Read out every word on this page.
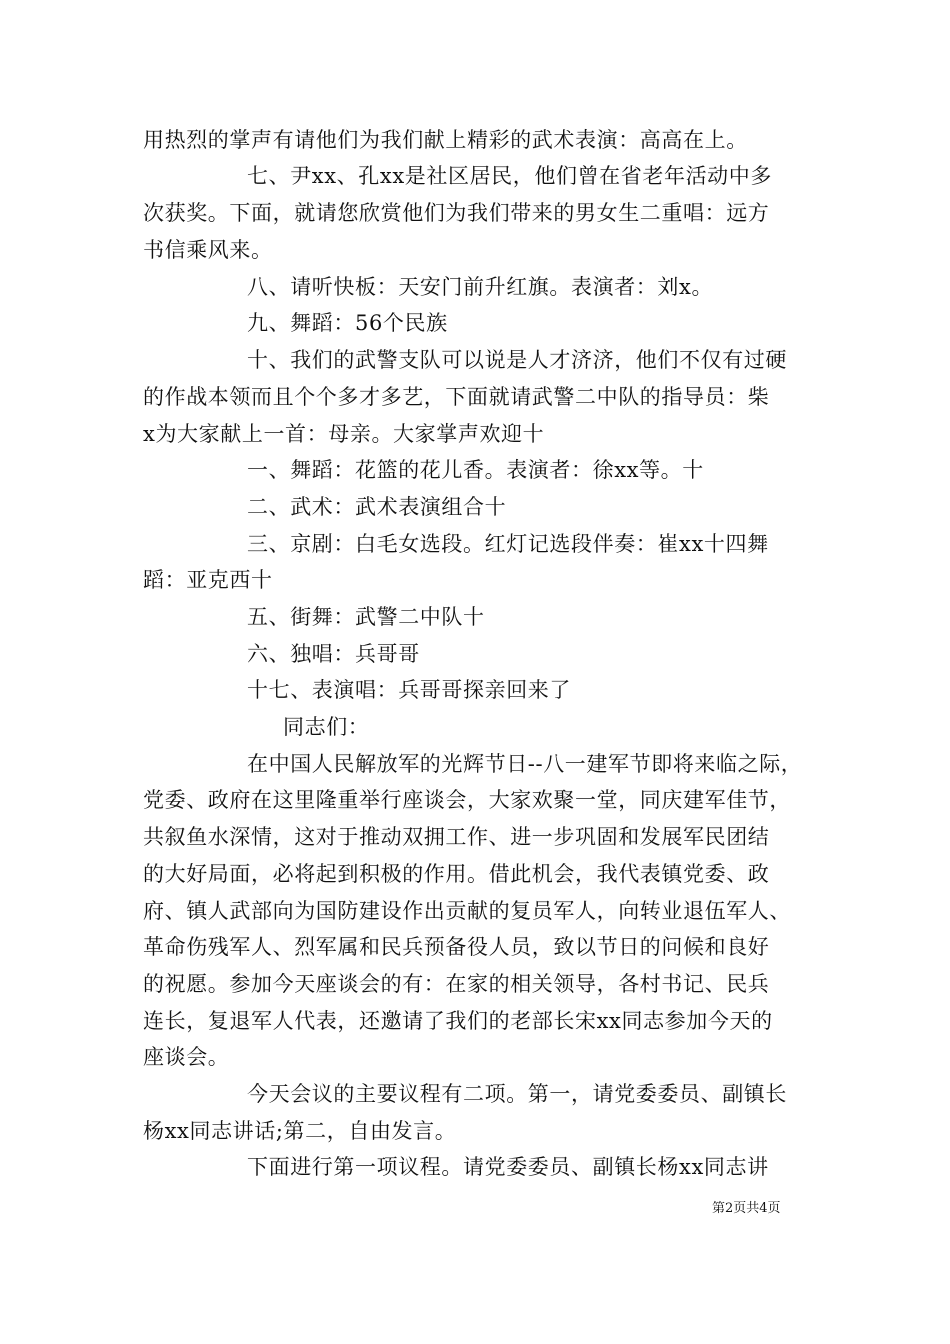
用热烈的掌声有请他们为我们献上精彩的武术表演：高高在上。
七、尹xx、孔xx是社区居民，他们曾在省老年活动中多
次获奖。下面，就请您欣赏他们为我们带来的男女生二重唱：远方
书信乘风来。
八、请听快板：天安门前升红旗。表演者：刘x。
九、舞蹈：56个民族
十、我们的武警支队可以说是人才济济，他们不仅有过硬
的作战本领而且个个多才多艺，下面就请武警二中队的指导员：柴
x为大家献上一首：母亲。大家掌声欢迎十
一、舞蹈：花篮的花儿香。表演者：徐xx等。十
二、武术：武术表演组合十
三、京剧：白毛女选段。红灯记选段伴奏：崔xx十四舞
蹈：亚克西十
五、街舞：武警二中队十
六、独唱：兵哥哥
十七、表演唱：兵哥哥探亲回来了
同志们：
在中国人民解放军的光辉节日--八一建军节即将来临之际，
党委、政府在这里隆重举行座谈会，大家欢聚一堂，同庆建军佳节，
共叙鱼水深情，这对于推动双拥工作、进一步巩固和发展军民团结
的大好局面，必将起到积极的作用。借此机会，我代表镇党委、政
府、镇人武部向为国防建设作出贡献的复员军人，向转业退伍军人、
革命伤残军人、烈军属和民兵预备役人员，致以节日的问候和良好
的祝愿。参加今天座谈会的有：在家的相关领导，各村书记、民兵
连长，复退军人代表，还邀请了我们的老部长宋xx同志参加今天的
座谈会。
今天会议的主要议程有二项。第一，请党委委员、副镇长
杨xx同志讲话;第二，自由发言。
下面进行第一项议程。请党委委员、副镇长杨xx同志讲
第2页共4页
